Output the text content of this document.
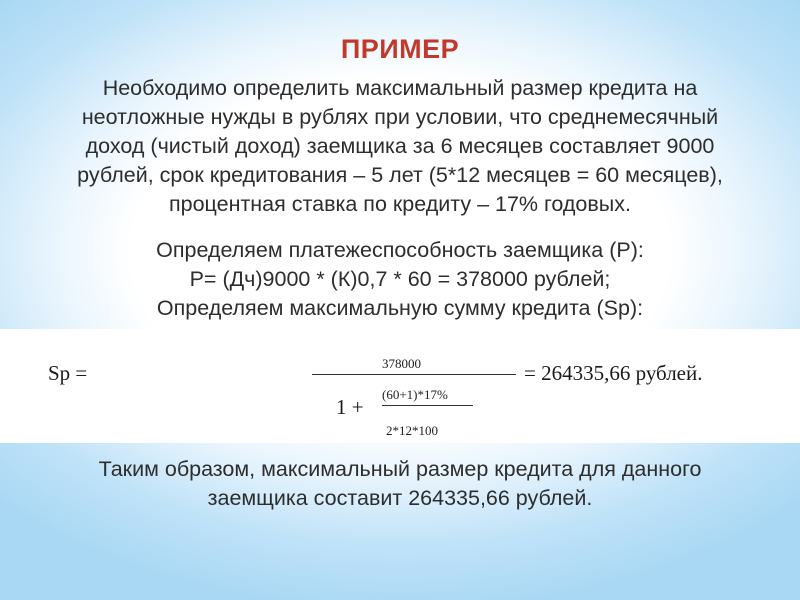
ПРИМЕР
Необходимо определить максимальный размер кредита на
неотложные нужды в рублях при условии, что среднемесячный
доход (чистый доход) заемщика за 6 месяцев составляет 9000
рублей, срок кредитования – 5 лет (5*12 месяцев = 60 месяцев),
процентная ставка по кредиту – 17% годовых.
Определяем платежеспособность заемщика (P):
P= (Дч)9000 * (К)0,7 * 60 = 378000 рублей;
Определяем максимальную сумму кредита (Sp):
Sp =	378000
1 +
(60+1)*17%
2*12*100
= 264335,66 рублей.
Таким образом, максимальный размер кредита для данного
заемщика составит 264335,66 рублей.
